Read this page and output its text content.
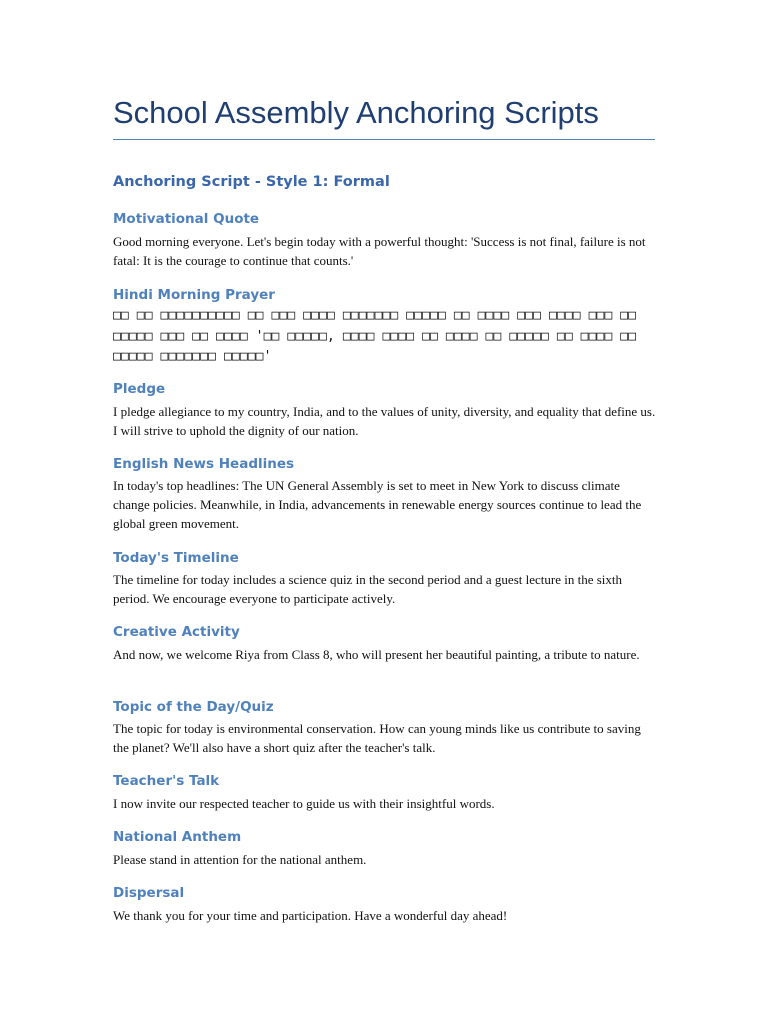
School Assembly Anchoring Scripts
Anchoring Script - Style 1: Formal
Motivational Quote
Good morning everyone. Let's begin today with a powerful thought: 'Success is not final, failure is not fatal: It is the courage to continue that counts.'
Hindi Morning Prayer
□□ □□ □□□□□□□□□□ □□ □□□ □□□□ □□□□□□□ □□□□□ □□ □□□□ □□□ □□□□ □□□ □□ □□□□□ □□□ □□ □□□□ '□□ □□□□□, □□□□ □□□□ □□ □□□□ □□ □□□□□ □□ □□□□ □□ □□□□□ □□□□□□□ □□□□□'
Pledge
I pledge allegiance to my country, India, and to the values of unity, diversity, and equality that define us. I will strive to uphold the dignity of our nation.
English News Headlines
In today's top headlines: The UN General Assembly is set to meet in New York to discuss climate change policies. Meanwhile, in India, advancements in renewable energy sources continue to lead the global green movement.
Today's Timeline
The timeline for today includes a science quiz in the second period and a guest lecture in the sixth period. We encourage everyone to participate actively.
Creative Activity
And now, we welcome Riya from Class 8, who will present her beautiful painting, a tribute to nature.
Topic of the Day/Quiz
The topic for today is environmental conservation. How can young minds like us contribute to saving the planet? We'll also have a short quiz after the teacher's talk.
Teacher's Talk
I now invite our respected teacher to guide us with their insightful words.
National Anthem
Please stand in attention for the national anthem.
Dispersal
We thank you for your time and participation. Have a wonderful day ahead!
